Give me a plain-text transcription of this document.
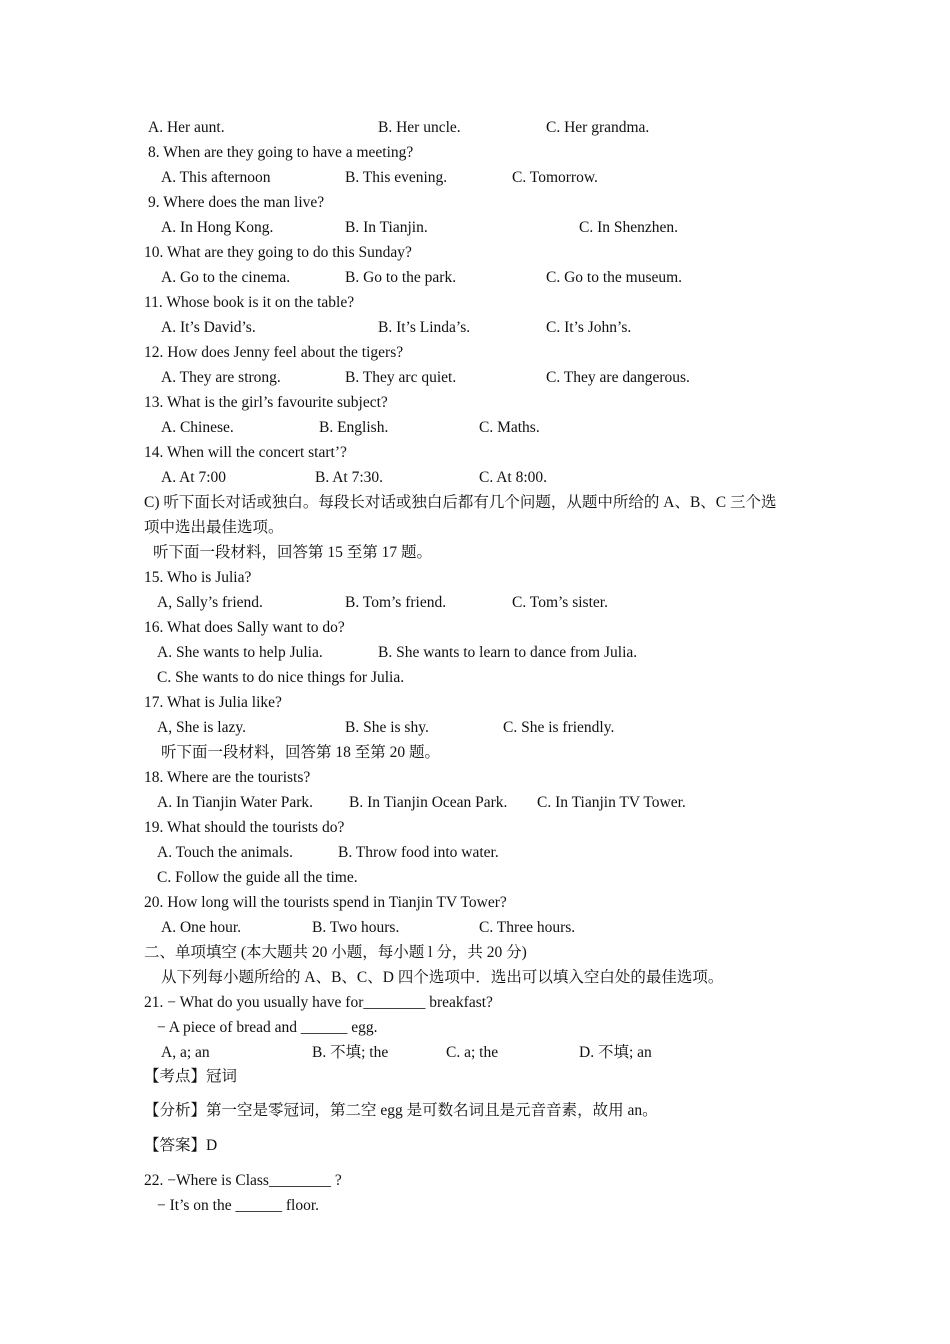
A. Her aunt.	B. Her uncle.	C. Her grandma.
8. When are they going to have a meeting?
A. This afternoon	B. This evening.	C. Tomorrow.
9. Where does the man live?
A. In Hong Kong.	B. In Tianjin.	C. In Shenzhen.
10. What are they going to do this Sunday?
A. Go to the cinema.	B. Go to the park.	C. Go to the museum.
11. Whose book is it on the table?
A. It’s David’s.	B. It’s Linda’s.	C. It’s John’s.
12. How does Jenny feel about the tigers?
A. They are strong.	B. They arc quiet.	C. They are dangerous.
13. What is the girl’s favourite subject?
A. Chinese.	B. English.	C. Maths.
14. When will the concert start’?
A. At 7:00	B. At 7:30.	C. At 8:00.
C) 听下面长对话或独白。每段长对话或独白后都有几个问题，从题中所给的 A、B、C 三个选
项中选出最佳选项。
听下面一段材料，回答第 15 至第 17 题。
15. Who is Julia?
A, Sally’s friend.	B. Tom’s friend.	C. Tom’s sister.
16. What does Sally want to do?
A. She wants to help Julia.	B. She wants to learn to dance from Julia.
C. She wants to do nice things for Julia.
17. What is Julia like?
A, She is lazy.	B. She is shy.	C. She is friendly.
听下面一段材料，回答第 18 至第 20 题。
18. Where are the tourists?
A. In Tianjin Water Park. B. In Tianjin Ocean Park. C. In Tianjin TV Tower.
19. What should the tourists do?
A. Touch the animals.	B. Throw food into water.
C. Follow the guide all the time.
20. How long will the tourists spend in Tianjin TV Tower?
A. One hour.	B. Two hours.	C. Three hours.
二、单项填空 (本大题共 20 小题，每小题 l 分，共 20 分)
从下列每小题所给的 A、B、C、D 四个选项中．选出可以填入空白处的最佳选项。
21. − What do you usually have for________ breakfast?
− A piece of bread and ______ egg.
A, a; an	B. 不填; the	C. a; the	D. 不填; an
【考点】冠词
【分析】第一空是零冠词，第二空 egg 是可数名词且是元音音素，故用 an。
【答案】D
22. −Where is Class________ ?
− It’s on the ______ floor.
